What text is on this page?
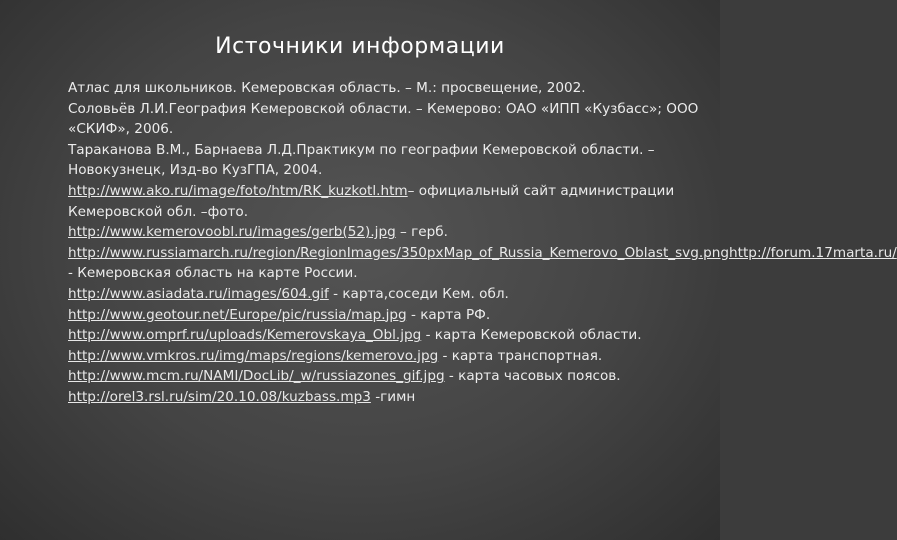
Источники информации
Атлас для школьников. Кемеровская область. – М.: просвещение, 2002.
Соловьёв Л.И.География Кемеровской области. – Кемерово: ОАО «ИПП «Кузбасс»; ООО «СКИФ», 2006.
Тараканова В.М., Барнаева Л.Д.Практикум по географии Кемеровской области. – Новокузнецк, Изд-во КузГПА, 2004.
http://www.ako.ru/image/foto/htm/RK_kuzkotl.htm– официальный сайт администрации Кемеровской обл. –фото.
http://www.kemerovoobl.ru/images/gerb(52).jpg – герб.
http://www.russiamarch.ru/region/RegionImages/350pxMap_of_Russia_Kemerovo_Oblast_svg.pnghttp://forum.17marta.ru/ - Кемеровская область на карте России.
http://www.asiadata.ru/images/604.gif - карта,соседи Кем. обл.
http://www.geotour.net/Europe/pic/russia/map.jpg - карта РФ.
http://www.omprf.ru/uploads/Kemerovskaya_Obl.jpg - карта Кемеровской области.
http://www.vmkros.ru/img/maps/regions/kemerovo.jpg - карта транспортная.
http://www.mcm.ru/NAMI/DocLib/_w/russiazones_gif.jpg - карта часовых поясов.
http://orel3.rsl.ru/sim/20.10.08/kuzbass.mp3 -гимн
